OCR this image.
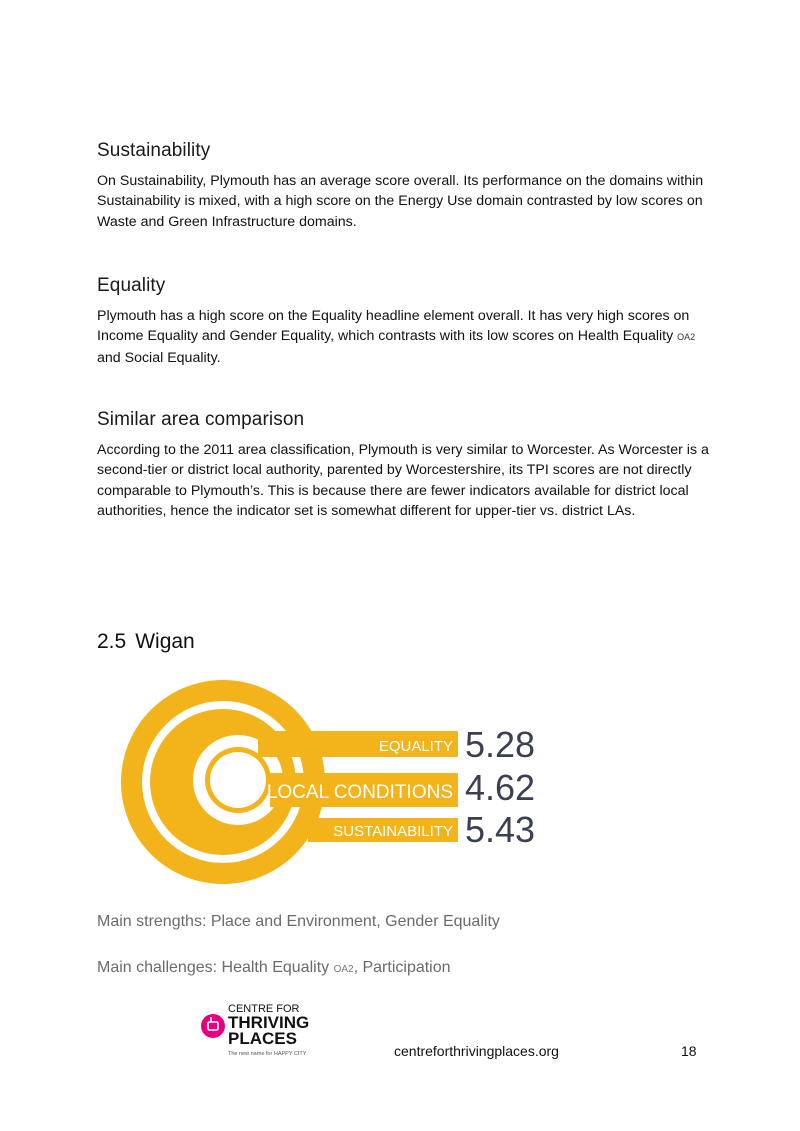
Sustainability

On Sustainability, Plymouth has an average score overall. Its performance on the domains within Sustainability is mixed, with a high score on the Energy Use domain contrasted by low scores on Waste and Green Infrastructure domains.

Equality

Plymouth has a high score on the Equality headline element overall. It has very high scores on Income Equality and Gender Equality, which contrasts with its low scores on Health Equality OA2
and Social Equality.

Similar area comparison

According to the 2011 area classification, Plymouth is very similar to Worcester. As Worcester is a second-tier or district local authority, parented by Worcestershire, its TPI scores are not directly comparable to Plymouth’s. This is because there are fewer indicators available for district local authorities, hence the indicator set is somewhat different for upper-tier vs. district LAs.

2.5 Wigan
EQUALITY
LOCAL CONDITIONS
SUSTAINABILITY
5.28
4.62
5.43
Main strengths: Place and Environment, Gender Equality
Main challenges: Health Equality OA2, Participation
CENTRE FOR
THRIVING
PLACES
The new name for HAPPY CITY	centreforthrivingplaces.org	18
